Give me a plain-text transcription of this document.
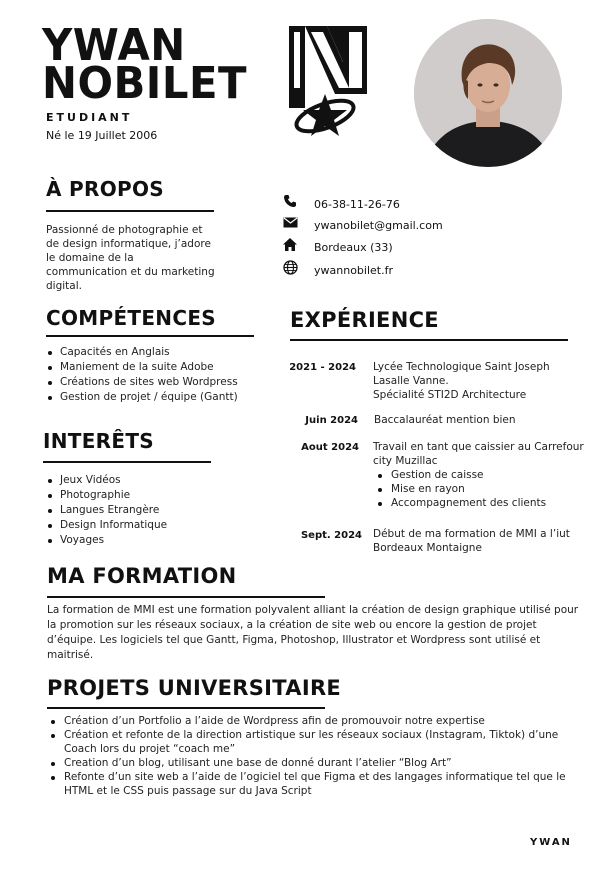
YWAN
NOBILET
ETUDIANT
Né le 19 Juillet 2006
À PROPOS
Passionné de photographie et
de design informatique, j’adore
le domaine de la
communication et du marketing
digital.
06-38-11-26-76
ywanobilet@gmail.com
Bordeaux (33)
ywannobilet.fr
COMPÉTENCES
Capacités en Anglais
Maniement de la suite Adobe
Créations de sites web Wordpress
Gestion de projet / équipe (Gantt)
INTERÊTS
Jeux Vidéos
Photographie
Langues Etrangère
Design Informatique
Voyages
EXPÉRIENCE
2021 - 2024 Lycée Technologique Saint Joseph
Lasalle Vanne.
Spécialité STI2D Architecture
Juin 2024 Baccalauréat mention bien
Aout 2024 Travail en tant que caissier au Carrefour
city Muzillac
Gestion de caisse
Mise en rayon
Accompagnement des clients
Sept. 2024 Début de ma formation de MMI a l’iut
Bordeaux Montaigne
MA FORMATION
La formation de MMI est une formation polyvalent alliant la création de design graphique utilisé pour
la promotion sur les réseaux sociaux, a la création de site web ou encore la gestion de projet
d’équipe. Les logiciels tel que Gantt, Figma, Photoshop, Illustrator et Wordpress sont utilisé et
maitrisé.
PROJETS UNIVERSITAIRE
Création d’un Portfolio a l’aide de Wordpress afin de promouvoir notre expertise
Création et refonte de la direction artistique sur les réseaux sociaux (Instagram, Tiktok) d’une
Coach lors du projet “coach me”
Creation d’un blog, utilisant une base de donné durant l’atelier “Blog Art”
Refonte d’un site web a l’aide de l’ogiciel tel que Figma et des langages informatique tel que le
HTML et le CSS puis passage sur du Java Script
YWAN
